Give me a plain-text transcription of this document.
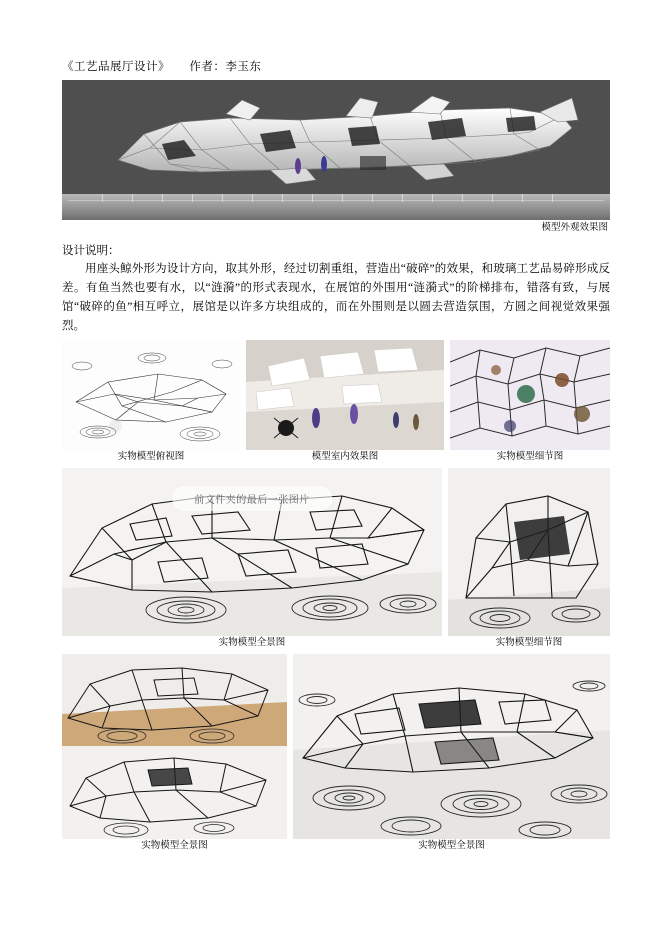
《工艺品展厅设计》 作者：李玉东
模型外观效果图
设计说明：

用座头鲸外形为设计方向，取其外形，经过切割重组，营造出“破碎”的效果，和玻璃工艺品易碎形成反差。有鱼当然也要有水，以“涟漪”的形式表现水，在展馆的外围用“涟漪式”的阶梯排布，错落有致，与展馆“破碎的鱼”相互呼立，展馆是以许多方块组成的，而在外围则是以圆去营造氛围，方圆之间视觉效果强烈。

实物模型俯视图	模型室内效果图	实物模型细节图
前文件夹的最后一张图片
实物模型全景图	实物模型细节图
实物模型全景图	实物模型全景图
